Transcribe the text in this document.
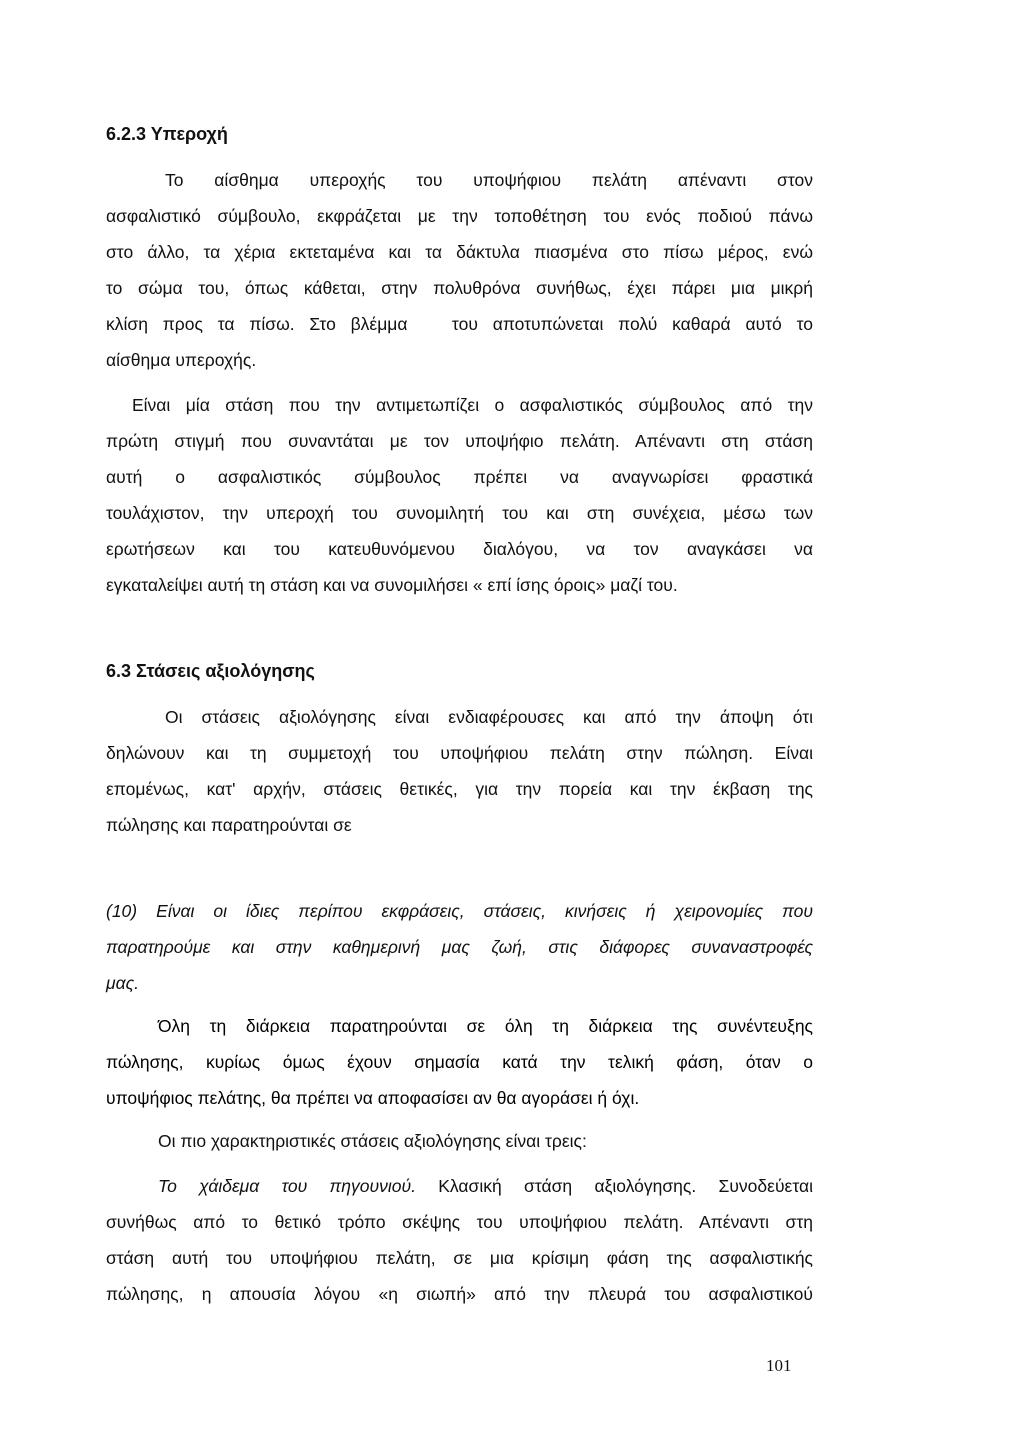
6.2.3 Υπεροχή

Το αίσθημα υπεροχής του υποψήφιου πελάτη απέναντι στον

ασφαλιστικό σύμβουλο, εκφράζεται με την τοποθέτηση του ενός ποδιού πάνω

στο άλλο, τα χέρια εκτεταμένα και τα δάκτυλα πιασμένα στο πίσω μέρος, ενώ

το σώμα του, όπως κάθεται, στην πολυθρόνα συνήθως, έχει πάρει μια μικρή

κλίση προς τα πίσω. Στο βλέμμα   του αποτυπώνεται πολύ καθαρά αυτό το

αίσθημα υπεροχής.

Είναι μία στάση που την αντιμετωπίζει ο ασφαλιστικός σύμβουλος από την

πρώτη στιγμή που συναντάται με τον υποψήφιο πελάτη. Απέναντι στη στάση

αυτή ο ασφαλιστικός σύμβουλος πρέπει να αναγνωρίσει φραστικά

τουλάχιστον, την υπεροχή του συνομιλητή του και στη συνέχεια, μέσω των

ερωτήσεων και του κατευθυνόμενου διαλόγου, να τον αναγκάσει να

εγκαταλείψει αυτή τη στάση και να συνομιλήσει « επί ίσης όροις» μαζί του.

6.3 Στάσεις αξιολόγησης

Οι στάσεις αξιολόγησης είναι ενδιαφέρουσες και από την άποψη ότι

δηλώνουν και τη συμμετοχή του υποψήφιου πελάτη στην πώληση. Είναι

επομένως, κατ' αρχήν, στάσεις θετικές, για την πορεία και την έκβαση της

πώλησης και παρατηρούνται σε

(10) Είναι οι ίδιες περίπου εκφράσεις, στάσεις, κινήσεις ή χειρονομίες που

παρατηρούμε και στην καθημερινή μας ζωή, στις διάφορες συναναστροφές

μας.

Όλη τη διάρκεια παρατηρούνται σε όλη τη διάρκεια της συνέντευξης

πώλησης, κυρίως όμως έχουν σημασία κατά την τελική φάση, όταν ο

υποψήφιος πελάτης, θα πρέπει να αποφασίσει αν θα αγοράσει ή όχι.

Οι πιο χαρακτηριστικές στάσεις αξιολόγησης είναι τρεις:

Το χάιδεμα του πηγουνιού. Κλασική στάση αξιολόγησης. Συνοδεύεται

συνήθως από το θετικό τρόπο σκέψης του υποψήφιου πελάτη. Απέναντι στη

στάση αυτή του υποψήφιου πελάτη, σε μια κρίσιμη φάση της ασφαλιστικής

πώλησης, η απουσία λόγου «η σιωπή» από την πλευρά του ασφαλιστικού

101
